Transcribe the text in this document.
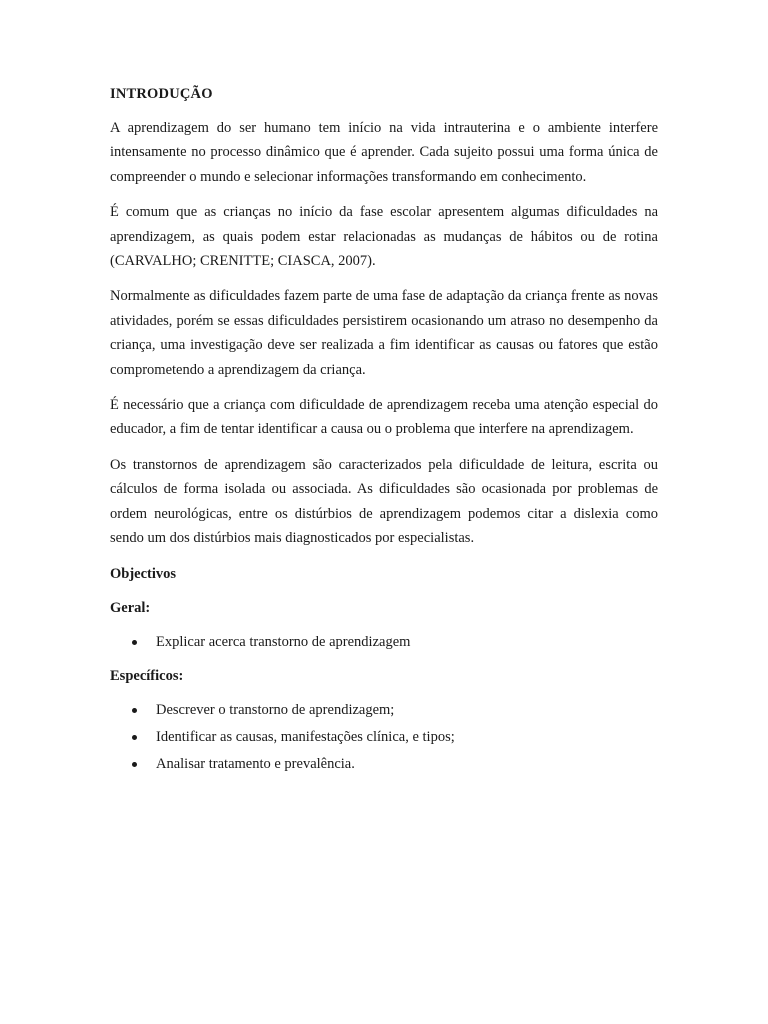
INTRODUÇÃO

A aprendizagem do ser humano tem início na vida intrauterina e o ambiente interfere intensamente no processo dinâmico que é aprender. Cada sujeito possui uma forma única de compreender o mundo e selecionar informações transformando em conhecimento.

É comum que as crianças no início da fase escolar apresentem algumas dificuldades na aprendizagem, as quais podem estar relacionadas as mudanças de hábitos ou de rotina (CARVALHO; CRENITTE; CIASCA, 2007).

Normalmente as dificuldades fazem parte de uma fase de adaptação da criança frente as novas atividades, porém se essas dificuldades persistirem ocasionando um atraso no desempenho da criança, uma investigação deve ser realizada a fim identificar as causas ou fatores que estão comprometendo a aprendizagem da criança.

É necessário que a criança com dificuldade de aprendizagem receba uma atenção especial do educador, a fim de tentar identificar a causa ou o problema que interfere na aprendizagem.

Os transtornos de aprendizagem são caracterizados pela dificuldade de leitura, escrita ou cálculos de forma isolada ou associada. As dificuldades são ocasionada por problemas de ordem neurológicas, entre os distúrbios de aprendizagem podemos citar a dislexia como sendo um dos distúrbios mais diagnosticados por especialistas.

Objectivos
Geral:
Explicar acerca transtorno de aprendizagem
Específicos:
Descrever o transtorno de aprendizagem;
Identificar as causas, manifestações clínica, e tipos;
Analisar tratamento e prevalência.
